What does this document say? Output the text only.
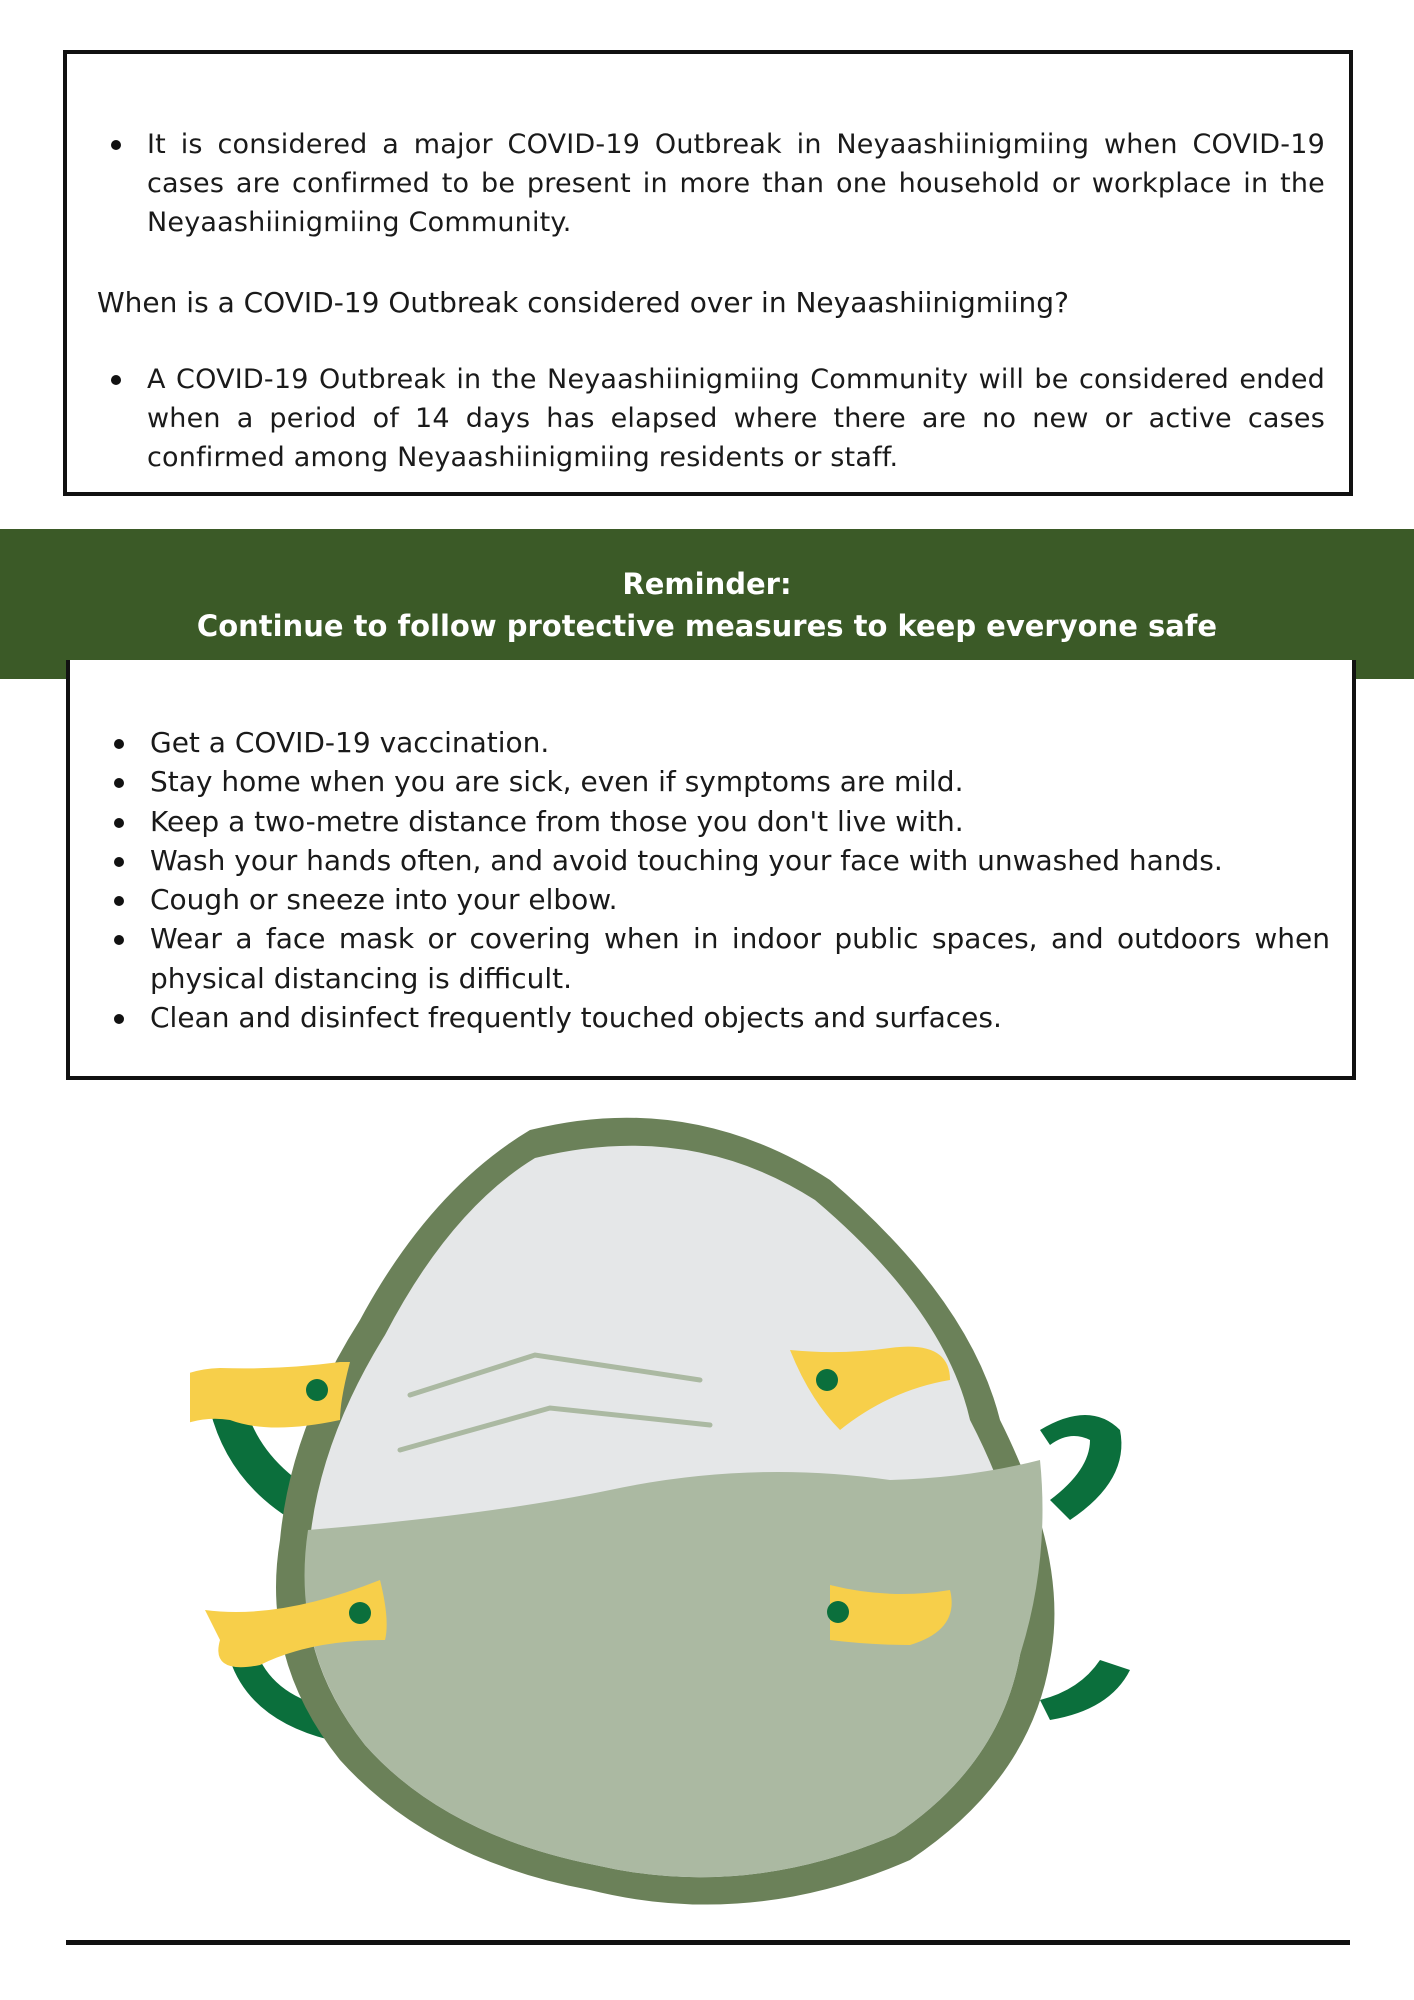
It is considered a major COVID-19 Outbreak in Neyaashiinigmiing when COVID-19 cases are confirmed to be present in more than one household or workplace in the Neyaashiinigmiing Community.
When is a COVID-19 Outbreak considered over in Neyaashiinigmiing?
A COVID-19 Outbreak in the Neyaashiinigmiing Community will be considered ended when a period of 14 days has elapsed where there are no new or active cases confirmed among Neyaashiinigmiing residents or staff.
Reminder:
Continue to follow protective measures to keep everyone safe
Get a COVID-19 vaccination.
Stay home when you are sick, even if symptoms are mild.
Keep a two-metre distance from those you don't live with.
Wash your hands often, and avoid touching your face with unwashed hands.
Cough or sneeze into your elbow.
Wear a face mask or covering when in indoor public spaces, and outdoors when physical distancing is difficult.
Clean and disinfect frequently touched objects and surfaces.
